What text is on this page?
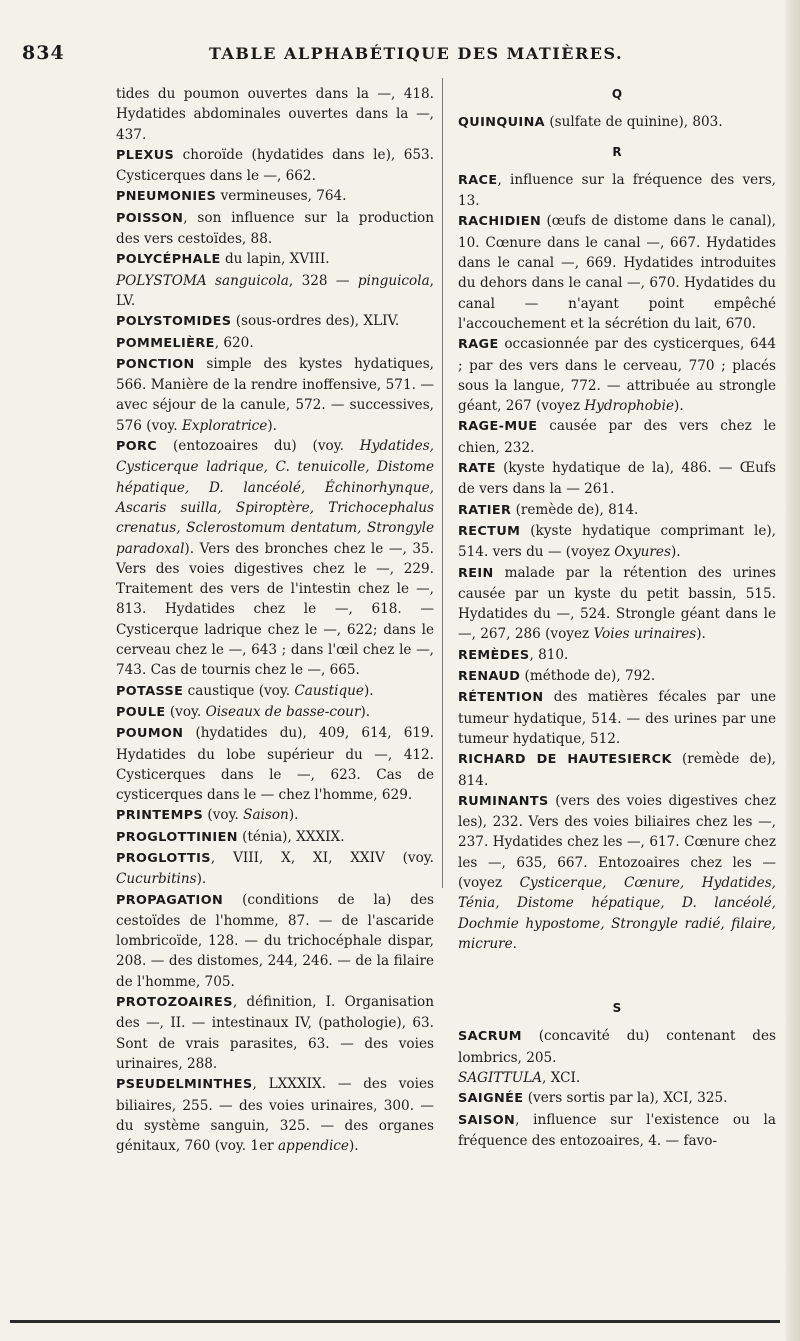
834	TABLE ALPHABÉTIQUE DES MATIÈRES.

tides du poumon ouvertes dans la —, 418. Hydatides abdominales ouvertes dans la —, 437.

PLEXUS choroïde (hydatides dans le), 653. Cysticerques dans le —, 662.

PNEUMONIES vermineuses, 764.

POISSON, son influence sur la production des vers cestoïdes, 88.

POLYCÉPHALE du lapin, XVIII.

POLYSTOMA sanguicola, 328 — pinguicola, LV.

POLYSTOMIDES (sous-ordres des), XLIV.

POMMELIÈRE, 620.

PONCTION simple des kystes hydatiques, 566. Manière de la rendre inoffensive, 571. — avec séjour de la canule, 572. — successives, 576 (voy. Exploratrice).

PORC (entozoaires du) (voy. Hydatides, Cysticerque ladrique, C. tenuicolle, Distome hépatique, D. lancéolé, Échinorhynque, Ascaris suilla, Spiroptère, Trichocephalus crenatus, Sclerostomum dentatum, Strongyle paradoxal). Vers des bronches chez le —, 35. Vers des voies digestives chez le —, 229. Traitement des vers de l'intestin chez le —, 813. Hydatides chez le —, 618. — Cysticerque ladrique chez le —, 622; dans le cerveau chez le —, 643 ; dans l'œil chez le —, 743. Cas de tournis chez le —, 665.

POTASSE caustique (voy. Caustique).

POULE (voy. Oiseaux de basse-cour).

POUMON (hydatides du), 409, 614, 619. Hydatides du lobe supérieur du —, 412. Cysticerques dans le —, 623. Cas de cysticerques dans le — chez l'homme, 629.

PRINTEMPS (voy. Saison).

PROGLOTTINIEN (ténia), XXXIX.

PROGLOTTIS, VIII, X, XI, XXIV (voy. Cucurbitins).

PROPAGATION (conditions de la) des cestoïdes de l'homme, 87. — de l'ascaride lombricoïde, 128. — du trichocéphale dispar, 208. — des distomes, 244, 246. — de la filaire de l'homme, 705.

PROTOZOAIRES, définition, I. Organisation des —, II. — intestinaux IV, (pathologie), 63. Sont de vrais parasites, 63. — des voies urinaires, 288.

PSEUDELMINTHES, LXXXIX. — des voies biliaires, 255. — des voies urinaires, 300. — du système sanguin, 325. — des organes génitaux, 760 (voy. 1er appendice).

Q

QUINQUINA (sulfate de quinine), 803.

R

RACE, influence sur la fréquence des vers, 13.

RACHIDIEN (œufs de distome dans le canal), 10. Cœnure dans le canal —, 667. Hydatides dans le canal —, 669. Hydatides introduites du dehors dans le canal —, 670. Hydatides du canal — n'ayant point empêché l'accouchement et la sécrétion du lait, 670.

RAGE occasionnée par des cysticerques, 644 ; par des vers dans le cerveau, 770 ; placés sous la langue, 772. — attribuée au strongle géant, 267 (voyez Hydrophobie).

RAGE-MUE causée par des vers chez le chien, 232.

RATE (kyste hydatique de la), 486. — Œufs de vers dans la — 261.

RATIER (remède de), 814.

RECTUM (kyste hydatique comprimant le), 514. vers du — (voyez Oxyures).

REIN malade par la rétention des urines causée par un kyste du petit bassin, 515. Hydatides du —, 524. Strongle géant dans le —, 267, 286 (voyez Voies urinaires).

REMÈDES, 810.

RENAUD (méthode de), 792.

RÉTENTION des matières fécales par une tumeur hydatique, 514. — des urines par une tumeur hydatique, 512.

RICHARD DE HAUTESIERCK (remède de), 814.

RUMINANTS (vers des voies digestives chez les), 232. Vers des voies biliaires chez les —, 237. Hydatides chez les —, 617. Cœnure chez les —, 635, 667. Entozoaires chez les — (voyez Cysticerque, Cœnure, Hydatides, Ténia, Distome hépatique, D. lancéolé, Dochmie hypostome, Strongyle radié, filaire, micrure.

S

SACRUM (concavité du) contenant des lombrics, 205.

SAGITTULA, XCI.

SAIGNÉE (vers sortis par la), XCI, 325.

SAISON, influence sur l'existence ou la fréquence des entozoaires, 4. — favo-
